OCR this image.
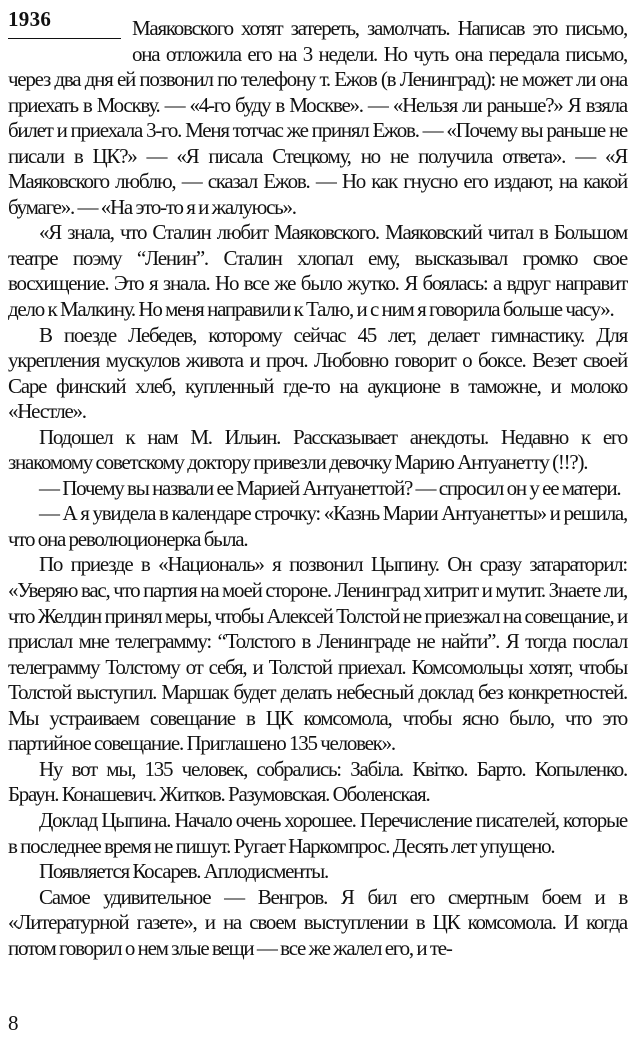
1936	Маяковского хотят затереть, замолчать. Написав это письмо, она отложила его на 3 недели. Но чуть она передала письмо, через два дня ей позвонил по телефону т. Ежов (в Ленинград): не может ли она приехать в Москву. — «4-го буду в Москве». — «Нельзя ли раньше?» Я взяла билет и приехала 3-го. Меня тотчас же принял Ежов. — «Почему вы раньше не писали в ЦК?» — «Я писала Стецкому, но не получила ответа». — «Я Маяковского люблю, — сказал Ежов. — Но как гнусно его издают, на какой бумаге». — «На это-то я и жалуюсь».

«Я знала, что Сталин любит Маяковского. Маяковский читал в Большом театре поэму “Ленин”. Сталин хлопал ему, высказывал громко свое восхищение. Это я знала. Но все же было жутко. Я боялась: а вдруг направит дело к Малкину. Но меня направили к Талю, и с ним я говорила больше часу».

В поезде Лебедев, которому сейчас 45 лет, делает гимнастику. Для укрепления мускулов живота и проч. Любовно говорит о боксе. Везет своей Саре финский хлеб, купленный где-то на аукционе в таможне, и молоко «Нестле».

Подошел к нам М. Ильин. Рассказывает анекдоты. Недавно к его знакомому советскому доктору привезли девочку Марию Антуанетту (!!?).

— Почему вы назвали ее Марией Антуанеттой? — спросил он у ее матери.

— А я увидела в календаре строчку: «Казнь Марии Антуанетты» и решила, что она революционерка была.

По приезде в «Националь» я позвонил Цыпину. Он сразу затараторил: «Уверяю вас, что партия на моей стороне. Ленинград хитрит и мутит. Знаете ли, что Желдин принял меры, чтобы Алексей Толстой не приезжал на совещание, и прислал мне телеграмму: “Толстого в Ленинграде не найти”. Я тогда послал телеграмму Толстому от себя, и Толстой приехал. Комсомольцы хотят, чтобы Толстой выступил. Маршак будет делать небесный доклад без конкретностей. Мы устраиваем совещание в ЦК комсомола, чтобы ясно было, что это партийное совещание. Приглашено 135 человек».

Ну вот мы, 135 человек, собрались: Забіла. Квітко. Барто. Копыленко. Браун. Конашевич. Житков. Разумовская. Оболенская.

Доклад Цыпина. Начало очень хорошее. Перечисление писателей, которые в последнее время не пишут. Ругает Наркомпрос. Десять лет упущено.

Появляется Косарев. Аплодисменты.

Самое удивительное — Венгров. Я бил его смертным боем и в «Литературной газете», и на своем выступлении в ЦК комсомола. И когда потом говорил о нем злые вещи — все же жалел его, и те-

8
